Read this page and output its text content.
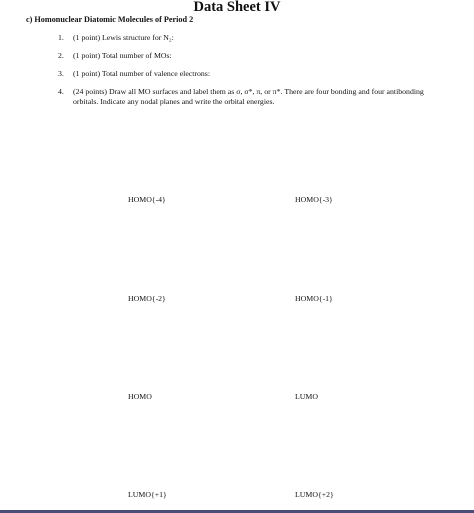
Data Sheet IV
c) Homonuclear Diatomic Molecules of Period 2
1. (1 point) Lewis structure for N₂:
2. (1 point) Total number of MOs:
3. (1 point) Total number of valence electrons:
4. (24 points) Draw all MO surfaces and label them as σ, σ*, π, or π*. There are four bonding and four antibonding orbitals. Indicate any nodal planes and write the orbital energies.
HOMO{-4}	HOMO{-3}
HOMO{-2}	HOMO{-1}
HOMO	LUMO
LUMO{+1}	LUMO{+2}
